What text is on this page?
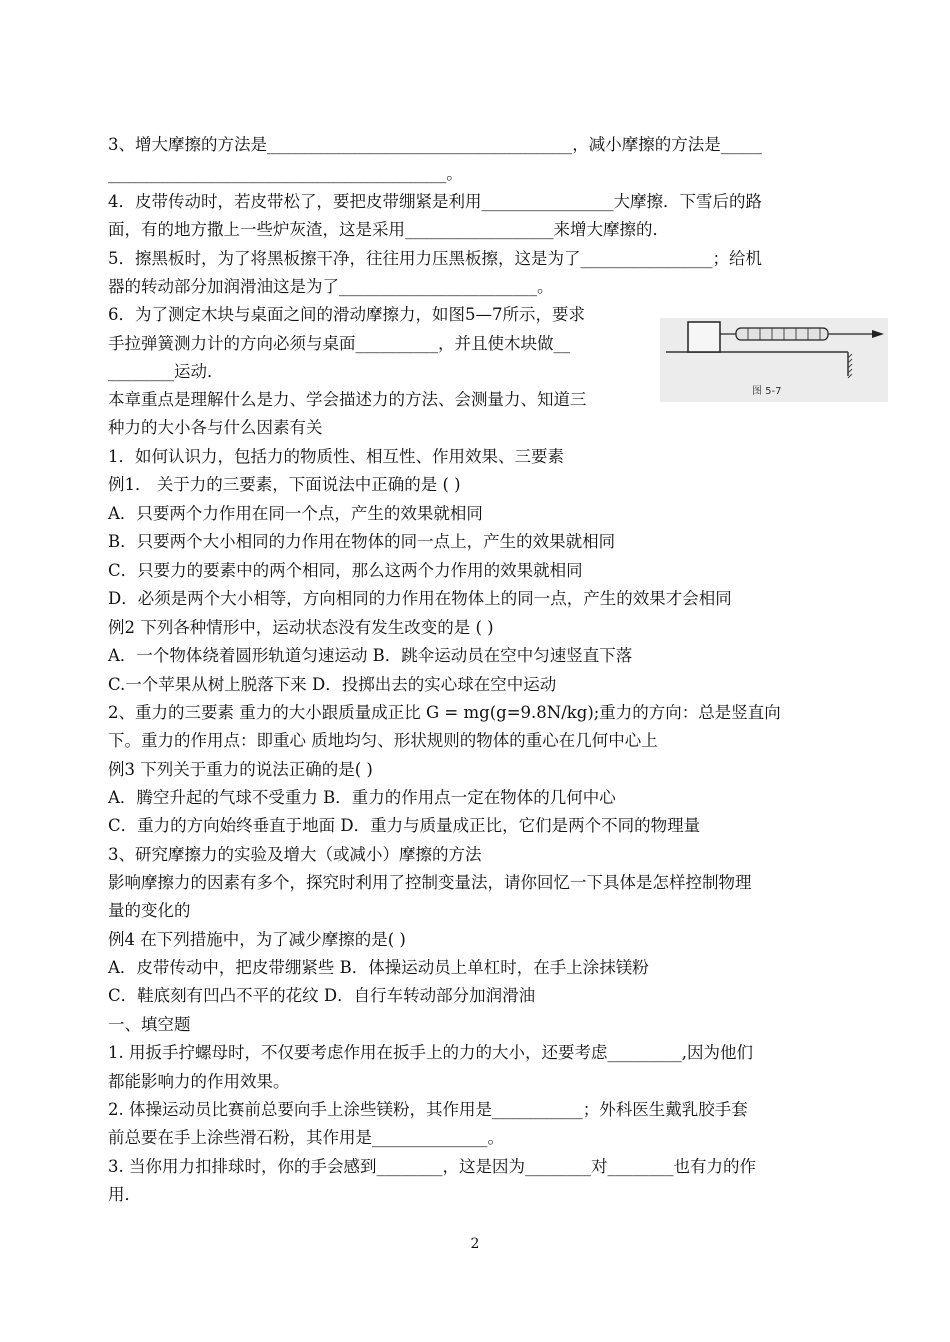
3、增大摩擦的方法是_____________________________________，减小摩擦的方法是_____
_________________________________________。
4．皮带传动时，若皮带松了，要把皮带绷紧是利用________________大摩擦．下雪后的路
面，有的地方撒上一些炉灰渣，这是采用__________________来增大摩擦的．
5．擦黑板时，为了将黑板擦干净，往往用力压黑板擦，这是为了________________；给机
器的转动部分加润滑油这是为了________________________。
6．为了测定木块与桌面之间的滑动摩擦力，如图5—7所示，要求
手拉弹簧测力计的方向必须与桌面__________，并且使木块做__
________运动．
本章重点是理解什么是力、学会描述力的方法、会测量力、知道三
种力的大小各与什么因素有关
1．如何认识力，包括力的物质性、相互性、作用效果、三要素
例1． 关于力的三要素，下面说法中正确的是 ( )
A．只要两个力作用在同一个点，产生的效果就相同
B．只要两个大小相同的力作用在物体的同一点上，产生的效果就相同
C．只要力的要素中的两个相同，那么这两个力作用的效果就相同
D．必须是两个大小相等，方向相同的力作用在物体上的同一点，产生的效果才会相同
例2 下列各种情形中，运动状态没有发生改变的是 ( )
A．一个物体绕着圆形轨道匀速运动 B．跳伞运动员在空中匀速竖直下落
C.一个苹果从树上脱落下来 D．投掷出去的实心球在空中运动
2、重力的三要素 重力的大小跟质量成正比 G = mg(g=9.8N/kg);重力的方向：总是竖直向
下。重力的作用点：即重心 质地均匀、形状规则的物体的重心在几何中心上
例3 下列关于重力的说法正确的是( )
A．腾空升起的气球不受重力 B．重力的作用点一定在物体的几何中心
C．重力的方向始终垂直于地面 D．重力与质量成正比，它们是两个不同的物理量
3、研究摩擦力的实验及增大（或减小）摩擦的方法
影响摩擦力的因素有多个，探究时利用了控制变量法，请你回忆一下具体是怎样控制物理
量的变化的
例4 在下列措施中，为了减少摩擦的是( )
A．皮带传动中，把皮带绷紧些 B．体操运动员上单杠时，在手上涂抹镁粉
C．鞋底刻有凹凸不平的花纹 D．自行车转动部分加润滑油
一、填空题
1. 用扳手拧螺母时，不仅要考虑作用在扳手上的力的大小，还要考虑_________,因为他们
都能影响力的作用效果。
2. 体操运动员比赛前总要向手上涂些镁粉，其作用是___________；外科医生戴乳胶手套
前总要在手上涂些滑石粉，其作用是______________。
3. 当你用力扣排球时，你的手会感到________，这是因为________对________也有力的作
用．
图 5-7
2
